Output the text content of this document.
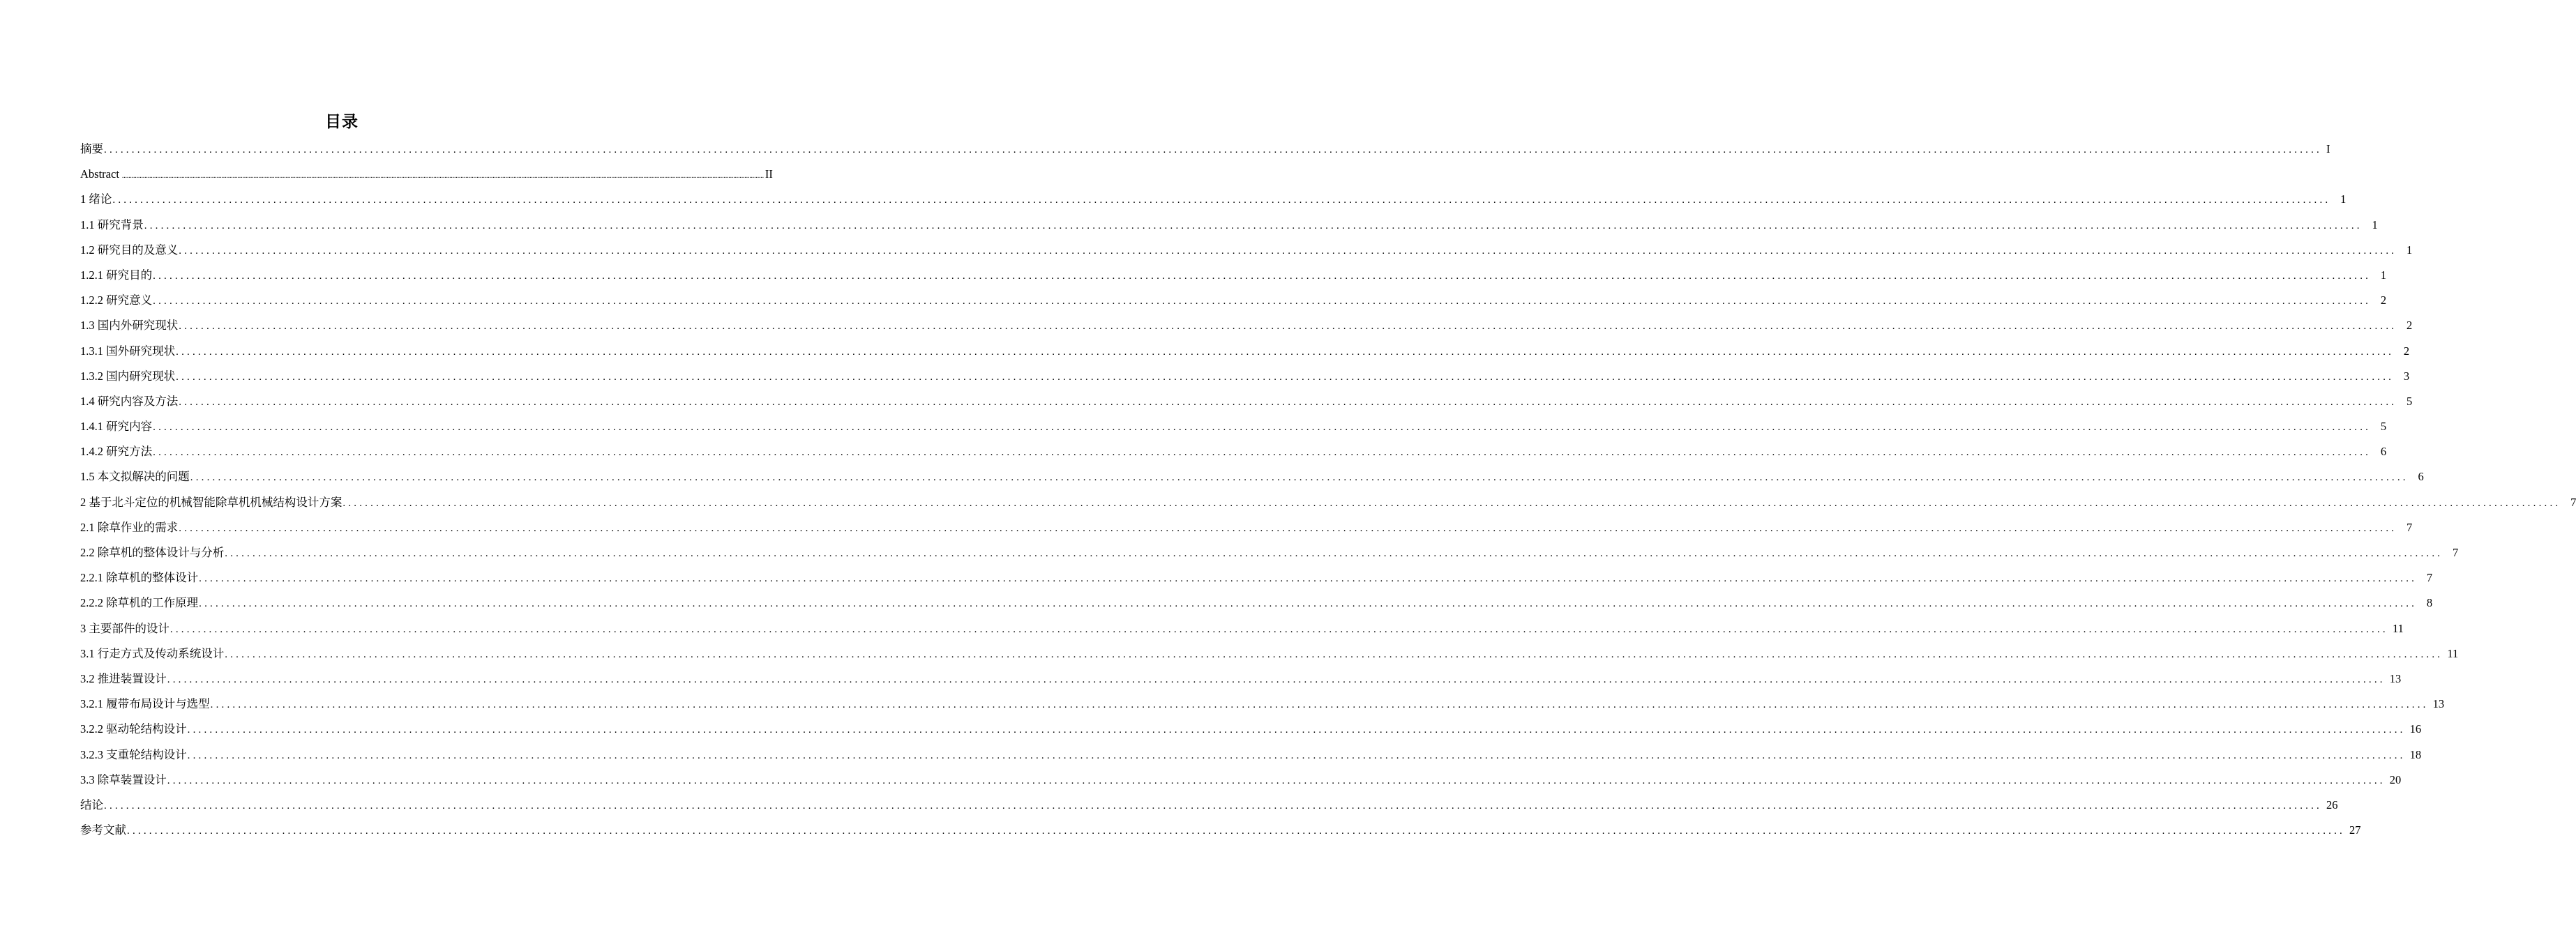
目录
摘要 ................................................................................................................................................................................................................................................................................................................................................................................................................ I
Abstract ................................................................................................................................................................................................................................................................................................................................................................................................................ II
1 绪论 ................................................................................................................................................................................................................................................................................................................................................................................................................ 1
1.1 研究背景 ................................................................................................................................................................................................................................................................................................................................................................................................................ 1
1.2 研究目的及意义 ................................................................................................................................................................................................................................................................................................................................................................................................................ 1
1.2.1 研究目的 ................................................................................................................................................................................................................................................................................................................................................................................................................ 1
1.2.2 研究意义 ................................................................................................................................................................................................................................................................................................................................................................................................................ 2
1.3 国内外研究现状 ................................................................................................................................................................................................................................................................................................................................................................................................................ 2
1.3.1 国外研究现状 ................................................................................................................................................................................................................................................................................................................................................................................................................ 2
1.3.2 国内研究现状 ................................................................................................................................................................................................................................................................................................................................................................................................................ 3
1.4 研究内容及方法 ................................................................................................................................................................................................................................................................................................................................................................................................................ 5
1.4.1 研究内容 ................................................................................................................................................................................................................................................................................................................................................................................................................ 5
1.4.2 研究方法 ................................................................................................................................................................................................................................................................................................................................................................................................................ 6
1.5 本文拟解决的问题 ................................................................................................................................................................................................................................................................................................................................................................................................................ 6
2 基于北斗定位的机械智能除草机机械结构设计方案 ................................................................................................................................................................................................................................................................................................................................................................................................................ 7
2.1 除草作业的需求 ................................................................................................................................................................................................................................................................................................................................................................................................................ 7
2.2 除草机的整体设计与分析 ................................................................................................................................................................................................................................................................................................................................................................................................................ 7
2.2.1 除草机的整体设计 ................................................................................................................................................................................................................................................................................................................................................................................................................ 7
2.2.2 除草机的工作原理 ................................................................................................................................................................................................................................................................................................................................................................................................................ 8
3 主要部件的设计 ................................................................................................................................................................................................................................................................................................................................................................................................................ 11
3.1 行走方式及传动系统设计 ................................................................................................................................................................................................................................................................................................................................................................................................................ 11
3.2 推进装置设计 ................................................................................................................................................................................................................................................................................................................................................................................................................ 13
3.2.1 履带布局设计与选型 ................................................................................................................................................................................................................................................................................................................................................................................................................ 13
3.2.2 驱动轮结构设计 ................................................................................................................................................................................................................................................................................................................................................................................................................ 16
3.2.3 支重轮结构设计 ................................................................................................................................................................................................................................................................................................................................................................................................................ 18
3.3 除草装置设计 ................................................................................................................................................................................................................................................................................................................................................................................................................ 20
结论 ................................................................................................................................................................................................................................................................................................................................................................................................................ 26
参考文献 ................................................................................................................................................................................................................................................................................................................................................................................................................ 27
